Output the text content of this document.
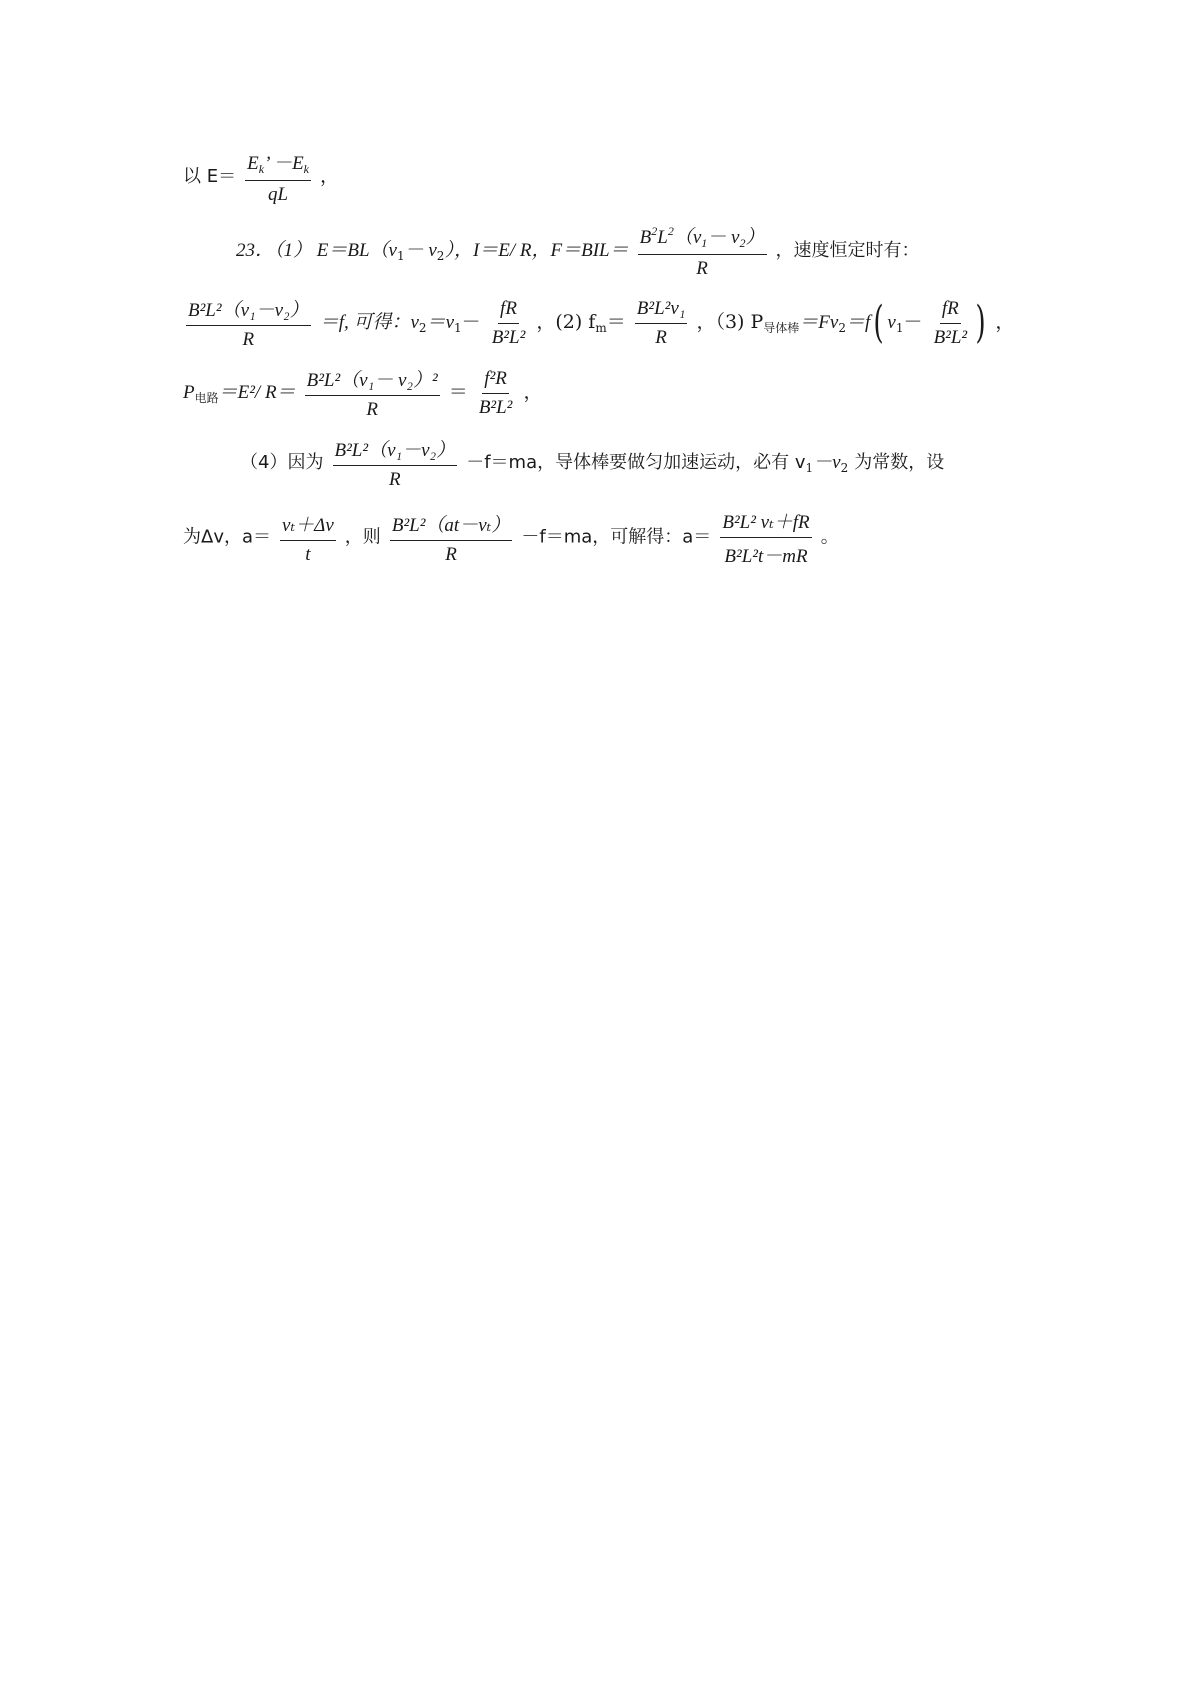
以 $E= \frac{E_k’ -E_k}{qL}$ ，
23．（1） $E=BL(v_1- v_2)$，I＝E/ R，$F=BIL= \frac{B^2L^2(v_1- v_2)}{R}$ ，速度恒定时有：
$\frac{\text{B²L²（v₁－v₂）}}{R} =f$, 可得：$v_2=v_1- \frac{fR}{\text{B²L²}}$ ，(2) $f_m= \frac{\text{B²L²v₁}}{R}$ ，（3) $P_{导体棒}=Fv_2=f$( $v_1- \frac{fR}{\text{B²L²}}$ ) ，
$P_{电路}=E^2/$ $R= \frac{\text{B²L²（v₁－ v₂）²}}{R} = \frac{\text{f²R}}{\text{B²L²}}$ ，
（4）因为 $\frac{\text{B²L²（v₁－v₂）}}{R} -f=ma$，导体棒要做匀加速运动，必有 $v_1-v_2$ 为常数，设
为Δv，$a= \frac{\text{vₜ＋Δv}}{t}$ ，则 $\frac{\text{B²L²（at－vₜ）}}{R} -f=ma$，可解得：$a= \frac{\text{B²L² vₜ＋fR}}{\text{B²L²t－mR}}$ 。
